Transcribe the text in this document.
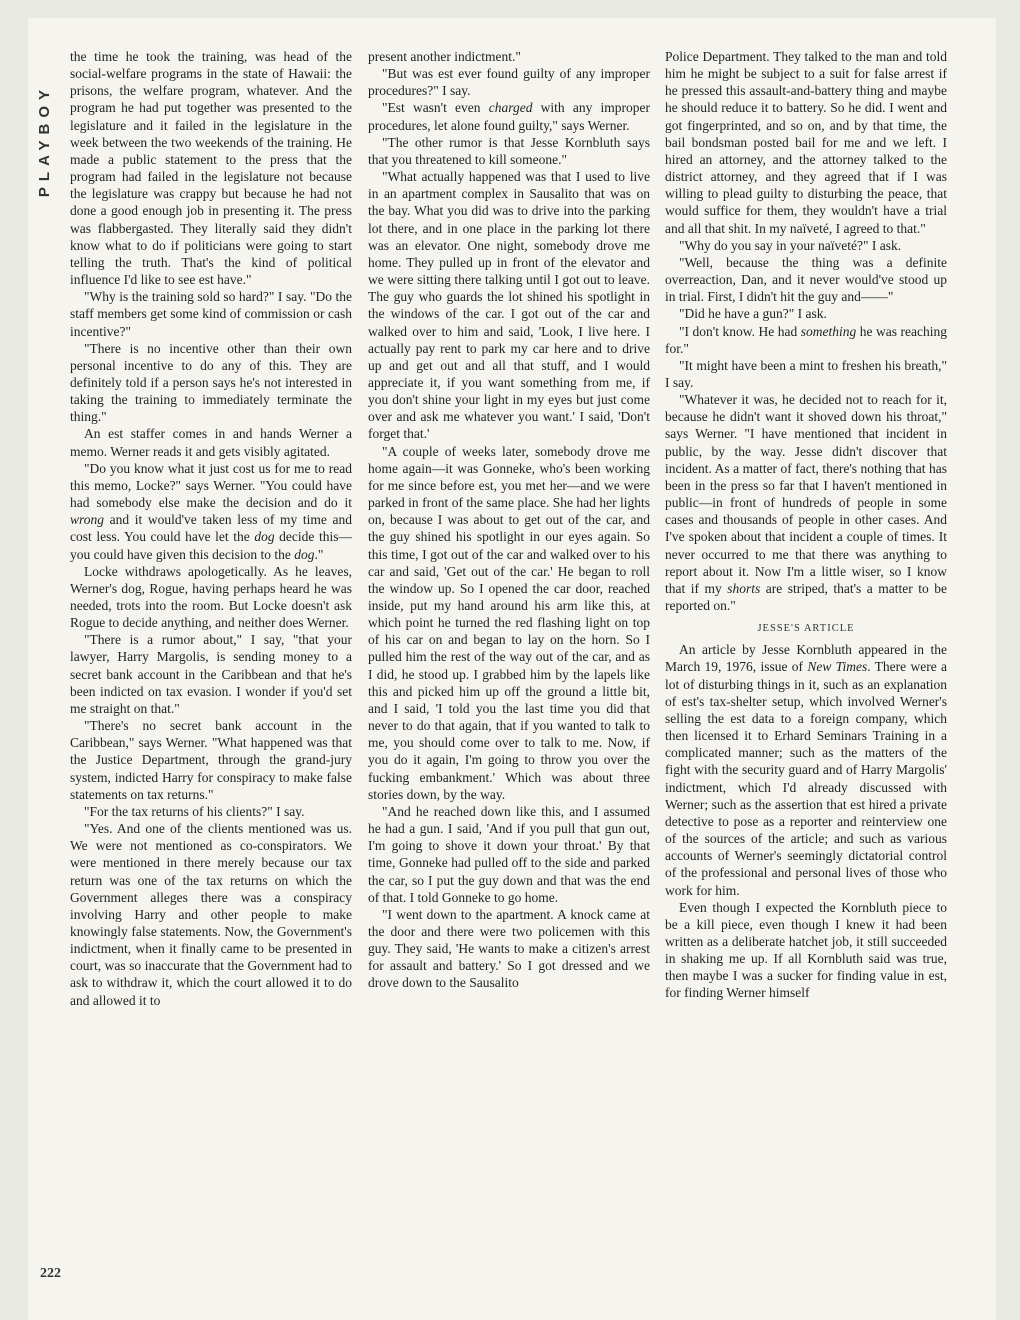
PLAYBOY

the time he took the training, was head of the social-welfare programs in the state of Hawaii: the prisons, the welfare program, whatever. And the program he had put together was presented to the legislature and it failed in the legislature in the week between the two weekends of the training. He made a public statement to the press that the program had failed in the legislature not because the legislature was crappy but because he had not done a good enough job in presenting it. The press was flabbergasted. They literally said they didn't know what to do if politicians were going to start telling the truth. That's the kind of political influence I'd like to see est have."

"Why is the training sold so hard?" I say. "Do the staff members get some kind of commission or cash incentive?"

"There is no incentive other than their own personal incentive to do any of this. They are definitely told if a person says he's not interested in taking the training to immediately terminate the thing."

An est staffer comes in and hands Werner a memo. Werner reads it and gets visibly agitated.

"Do you know what it just cost us for me to read this memo, Locke?" says Werner. "You could have had somebody else make the decision and do it wrong and it would've taken less of my time and cost less. You could have let the dog decide this—you could have given this decision to the dog."

Locke withdraws apologetically. As he leaves, Werner's dog, Rogue, having perhaps heard he was needed, trots into the room. But Locke doesn't ask Rogue to decide anything, and neither does Werner.

"There is a rumor about," I say, "that your lawyer, Harry Margolis, is sending money to a secret bank account in the Caribbean and that he's been indicted on tax evasion. I wonder if you'd set me straight on that."

"There's no secret bank account in the Caribbean," says Werner. "What happened was that the Justice Department, through the grand-jury system, indicted Harry for conspiracy to make false statements on tax returns."

"For the tax returns of his clients?" I say.

"Yes. And one of the clients mentioned was us. We were not mentioned as co-conspirators. We were mentioned in there merely because our tax return was one of the tax returns on which the Government alleges there was a conspiracy involving Harry and other people to make knowingly false statements. Now, the Government's indictment, when it finally came to be presented in court, was so inaccurate that the Government had to ask to withdraw it, which the court allowed it to do and allowed it to

present another indictment."

"But was est ever found guilty of any improper procedures?" I say.

"Est wasn't even charged with any improper procedures, let alone found guilty," says Werner.

"The other rumor is that Jesse Kornbluth says that you threatened to kill someone."

"What actually happened was that I used to live in an apartment complex in Sausalito that was on the bay. What you did was to drive into the parking lot there, and in one place in the parking lot there was an elevator. One night, somebody drove me home. They pulled up in front of the elevator and we were sitting there talking until I got out to leave. The guy who guards the lot shined his spotlight in the windows of the car. I got out of the car and walked over to him and said, 'Look, I live here. I actually pay rent to park my car here and to drive up and get out and all that stuff, and I would appreciate it, if you want something from me, if you don't shine your light in my eyes but just come over and ask me whatever you want.' I said, 'Don't forget that.'

"A couple of weeks later, somebody drove me home again—it was Gonneke, who's been working for me since before est, you met her—and we were parked in front of the same place. She had her lights on, because I was about to get out of the car, and the guy shined his spotlight in our eyes again. So this time, I got out of the car and walked over to his car and said, 'Get out of the car.' He began to roll the window up. So I opened the car door, reached inside, put my hand around his arm like this, at which point he turned the red flashing light on top of his car on and began to lay on the horn. So I pulled him the rest of the way out of the car, and as I did, he stood up. I grabbed him by the lapels like this and picked him up off the ground a little bit, and I said, 'I told you the last time you did that never to do that again, that if you wanted to talk to me, you should come over to talk to me. Now, if you do it again, I'm going to throw you over the fucking embankment.' Which was about three stories down, by the way.

"And he reached down like this, and I assumed he had a gun. I said, 'And if you pull that gun out, I'm going to shove it down your throat.' By that time, Gonneke had pulled off to the side and parked the car, so I put the guy down and that was the end of that. I told Gonneke to go home.

"I went down to the apartment. A knock came at the door and there were two policemen with this guy. They said, 'He wants to make a citizen's arrest for assault and battery.' So I got dressed and we drove down to the Sausalito

Police Department. They talked to the man and told him he might be subject to a suit for false arrest if he pressed this assault-and-battery thing and maybe he should reduce it to battery. So he did. I went and got fingerprinted, and so on, and by that time, the bail bondsman posted bail for me and we left. I hired an attorney, and the attorney talked to the district attorney, and they agreed that if I was willing to plead guilty to disturbing the peace, that would suffice for them, they wouldn't have a trial and all that shit. In my naïveté, I agreed to that."

"Why do you say in your naïveté?" I ask.

"Well, because the thing was a definite overreaction, Dan, and it never would've stood up in trial. First, I didn't hit the guy and——"

"Did he have a gun?" I ask.

"I don't know. He had something he was reaching for."

"It might have been a mint to freshen his breath," I say.

"Whatever it was, he decided not to reach for it, because he didn't want it shoved down his throat," says Werner. "I have mentioned that incident in public, by the way. Jesse didn't discover that incident. As a matter of fact, there's nothing that has been in the press so far that I haven't mentioned in public—in front of hundreds of people in some cases and thousands of people in other cases. And I've spoken about that incident a couple of times. It never occurred to me that there was anything to report about it. Now I'm a little wiser, so I know that if my shorts are striped, that's a matter to be reported on."

JESSE'S ARTICLE

An article by Jesse Kornbluth appeared in the March 19, 1976, issue of New Times. There were a lot of disturbing things in it, such as an explanation of est's tax-shelter setup, which involved Werner's selling the est data to a foreign company, which then licensed it to Erhard Seminars Training in a complicated manner; such as the matters of the fight with the security guard and of Harry Margolis' indictment, which I'd already discussed with Werner; such as the assertion that est hired a private detective to pose as a reporter and reinterview one of the sources of the article; and such as various accounts of Werner's seemingly dictatorial control of the professional and personal lives of those who work for him.

Even though I expected the Kornbluth piece to be a kill piece, even though I knew it had been written as a deliberate hatchet job, it still succeeded in shaking me up. If all Kornbluth said was true, then maybe I was a sucker for finding value in est, for finding Werner himself

222
